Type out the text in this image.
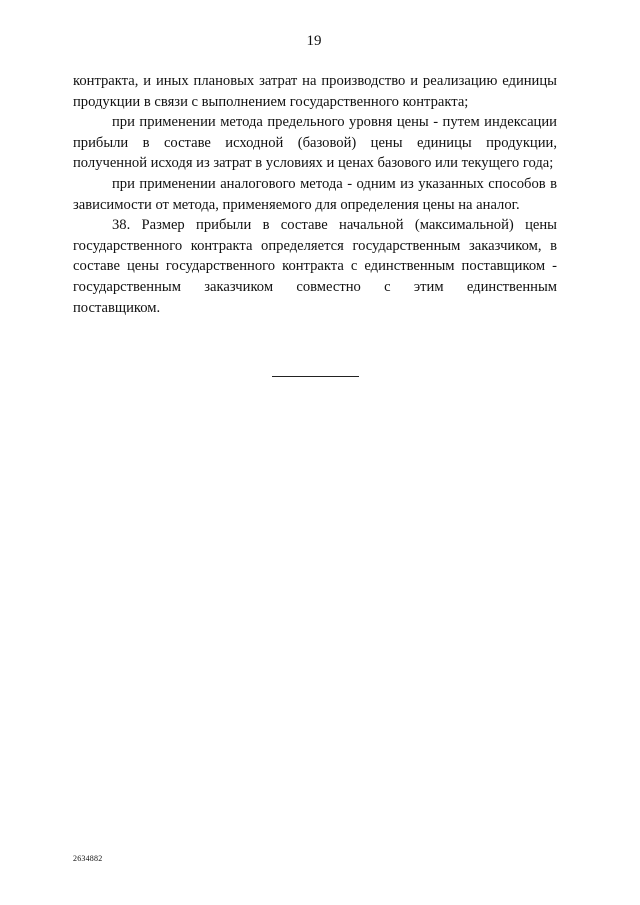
19

контракта, и иных плановых затрат на производство и реализацию единицы продукции в связи с выполнением государственного контракта;

при применении метода предельного уровня цены - путем индексации прибыли в составе исходной (базовой) цены единицы продукции, полученной исходя из затрат в условиях и ценах базового или текущего года;

при применении аналогового метода - одним из указанных способов в зависимости от метода, применяемого для определения цены на аналог.

38. Размер прибыли в составе начальной (максимальной) цены государственного контракта определяется государственным заказчиком, в составе цены государственного контракта с единственным поставщиком - государственным заказчиком совместно с этим единственным

поставщиком.

2634882
